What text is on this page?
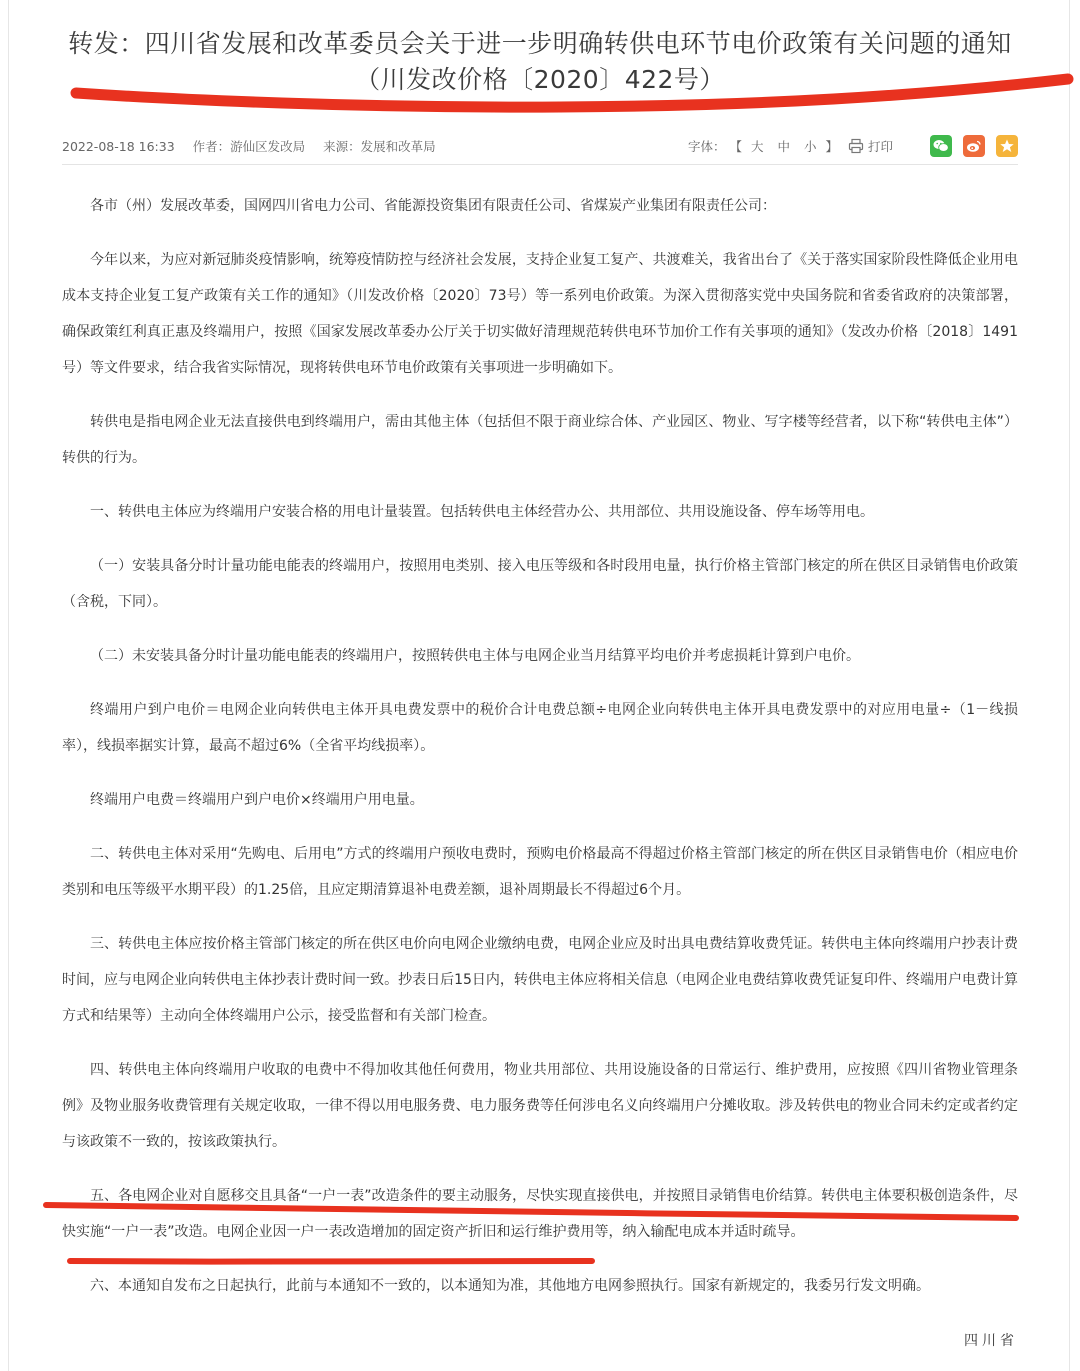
转发：四川省发展和改革委员会关于进一步明确转供电环节电价政策有关问题的通知
（川发改价格〔2020〕422号）
2022-08-18 16:33 作者：游仙区发改局 来源：发展和改革局	字体： 【 大 中 小 】 打印

各市（州）发展改革委，国网四川省电力公司、省能源投资集团有限责任公司、省煤炭产业集团有限责任公司：

今年以来，为应对新冠肺炎疫情影响，统筹疫情防控与经济社会发展，支持企业复工复产、共渡难关，我省出台了《关于落实国家阶段性降低企业用电成本支持企业复工复产政策有关工作的通知》（川发改价格〔2020〕73号）等一系列电价政策。为深入贯彻落实党中央国务院和省委省政府的决策部署，确保政策红利真正惠及终端用户，按照《国家发展改革委办公厅关于切实做好清理规范转供电环节加价工作有关事项的通知》（发改办价格〔2018〕1491号）等文件要求，结合我省实际情况，现将转供电环节电价政策有关事项进一步明确如下。

转供电是指电网企业无法直接供电到终端用户，需由其他主体（包括但不限于商业综合体、产业园区、物业、写字楼等经营者，以下称“转供电主体”）转供的行为。

一、转供电主体应为终端用户安装合格的用电计量装置。包括转供电主体经营办公、共用部位、共用设施设备、停车场等用电。

（一）安装具备分时计量功能电能表的终端用户，按照用电类别、接入电压等级和各时段用电量，执行价格主管部门核定的所在供区目录销售电价政策（含税，下同）。

（二）未安装具备分时计量功能电能表的终端用户，按照转供电主体与电网企业当月结算平均电价并考虑损耗计算到户电价。

终端用户到户电价＝电网企业向转供电主体开具电费发票中的税价合计电费总额÷电网企业向转供电主体开具电费发票中的对应用电量÷（1－线损率），线损率据实计算，最高不超过6%（全省平均线损率）。

终端用户电费＝终端用户到户电价×终端用户用电量。

二、转供电主体对采用“先购电、后用电”方式的终端用户预收电费时，预购电价格最高不得超过价格主管部门核定的所在供区目录销售电价（相应电价类别和电压等级平水期平段）的1.25倍，且应定期清算退补电费差额，退补周期最长不得超过6个月。

三、转供电主体应按价格主管部门核定的所在供区电价向电网企业缴纳电费，电网企业应及时出具电费结算收费凭证。转供电主体向终端用户抄表计费时间，应与电网企业向转供电主体抄表计费时间一致。抄表日后15日内，转供电主体应将相关信息（电网企业电费结算收费凭证复印件、终端用户电费计算方式和结果等）主动向全体终端用户公示，接受监督和有关部门检查。

四、转供电主体向终端用户收取的电费中不得加收其他任何费用，物业共用部位、共用设施设备的日常运行、维护费用，应按照《四川省物业管理条例》及物业服务收费管理有关规定收取，一律不得以用电服务费、电力服务费等任何涉电名义向终端用户分摊收取。涉及转供电的物业合同未约定或者约定与该政策不一致的，按该政策执行。

五、各电网企业对自愿移交且具备“一户一表”改造条件的要主动服务，尽快实现直接供电，并按照目录销售电价结算。转供电主体要积极创造条件，尽快实施“一户一表”改造。电网企业因一户一表改造增加的固定资产折旧和运行维护费用等，纳入输配电成本并适时疏导。

六、本通知自发布之日起执行，此前与本通知不一致的，以本通知为准，其他地方电网参照执行。国家有新规定的，我委另行发文明确。

四川省
